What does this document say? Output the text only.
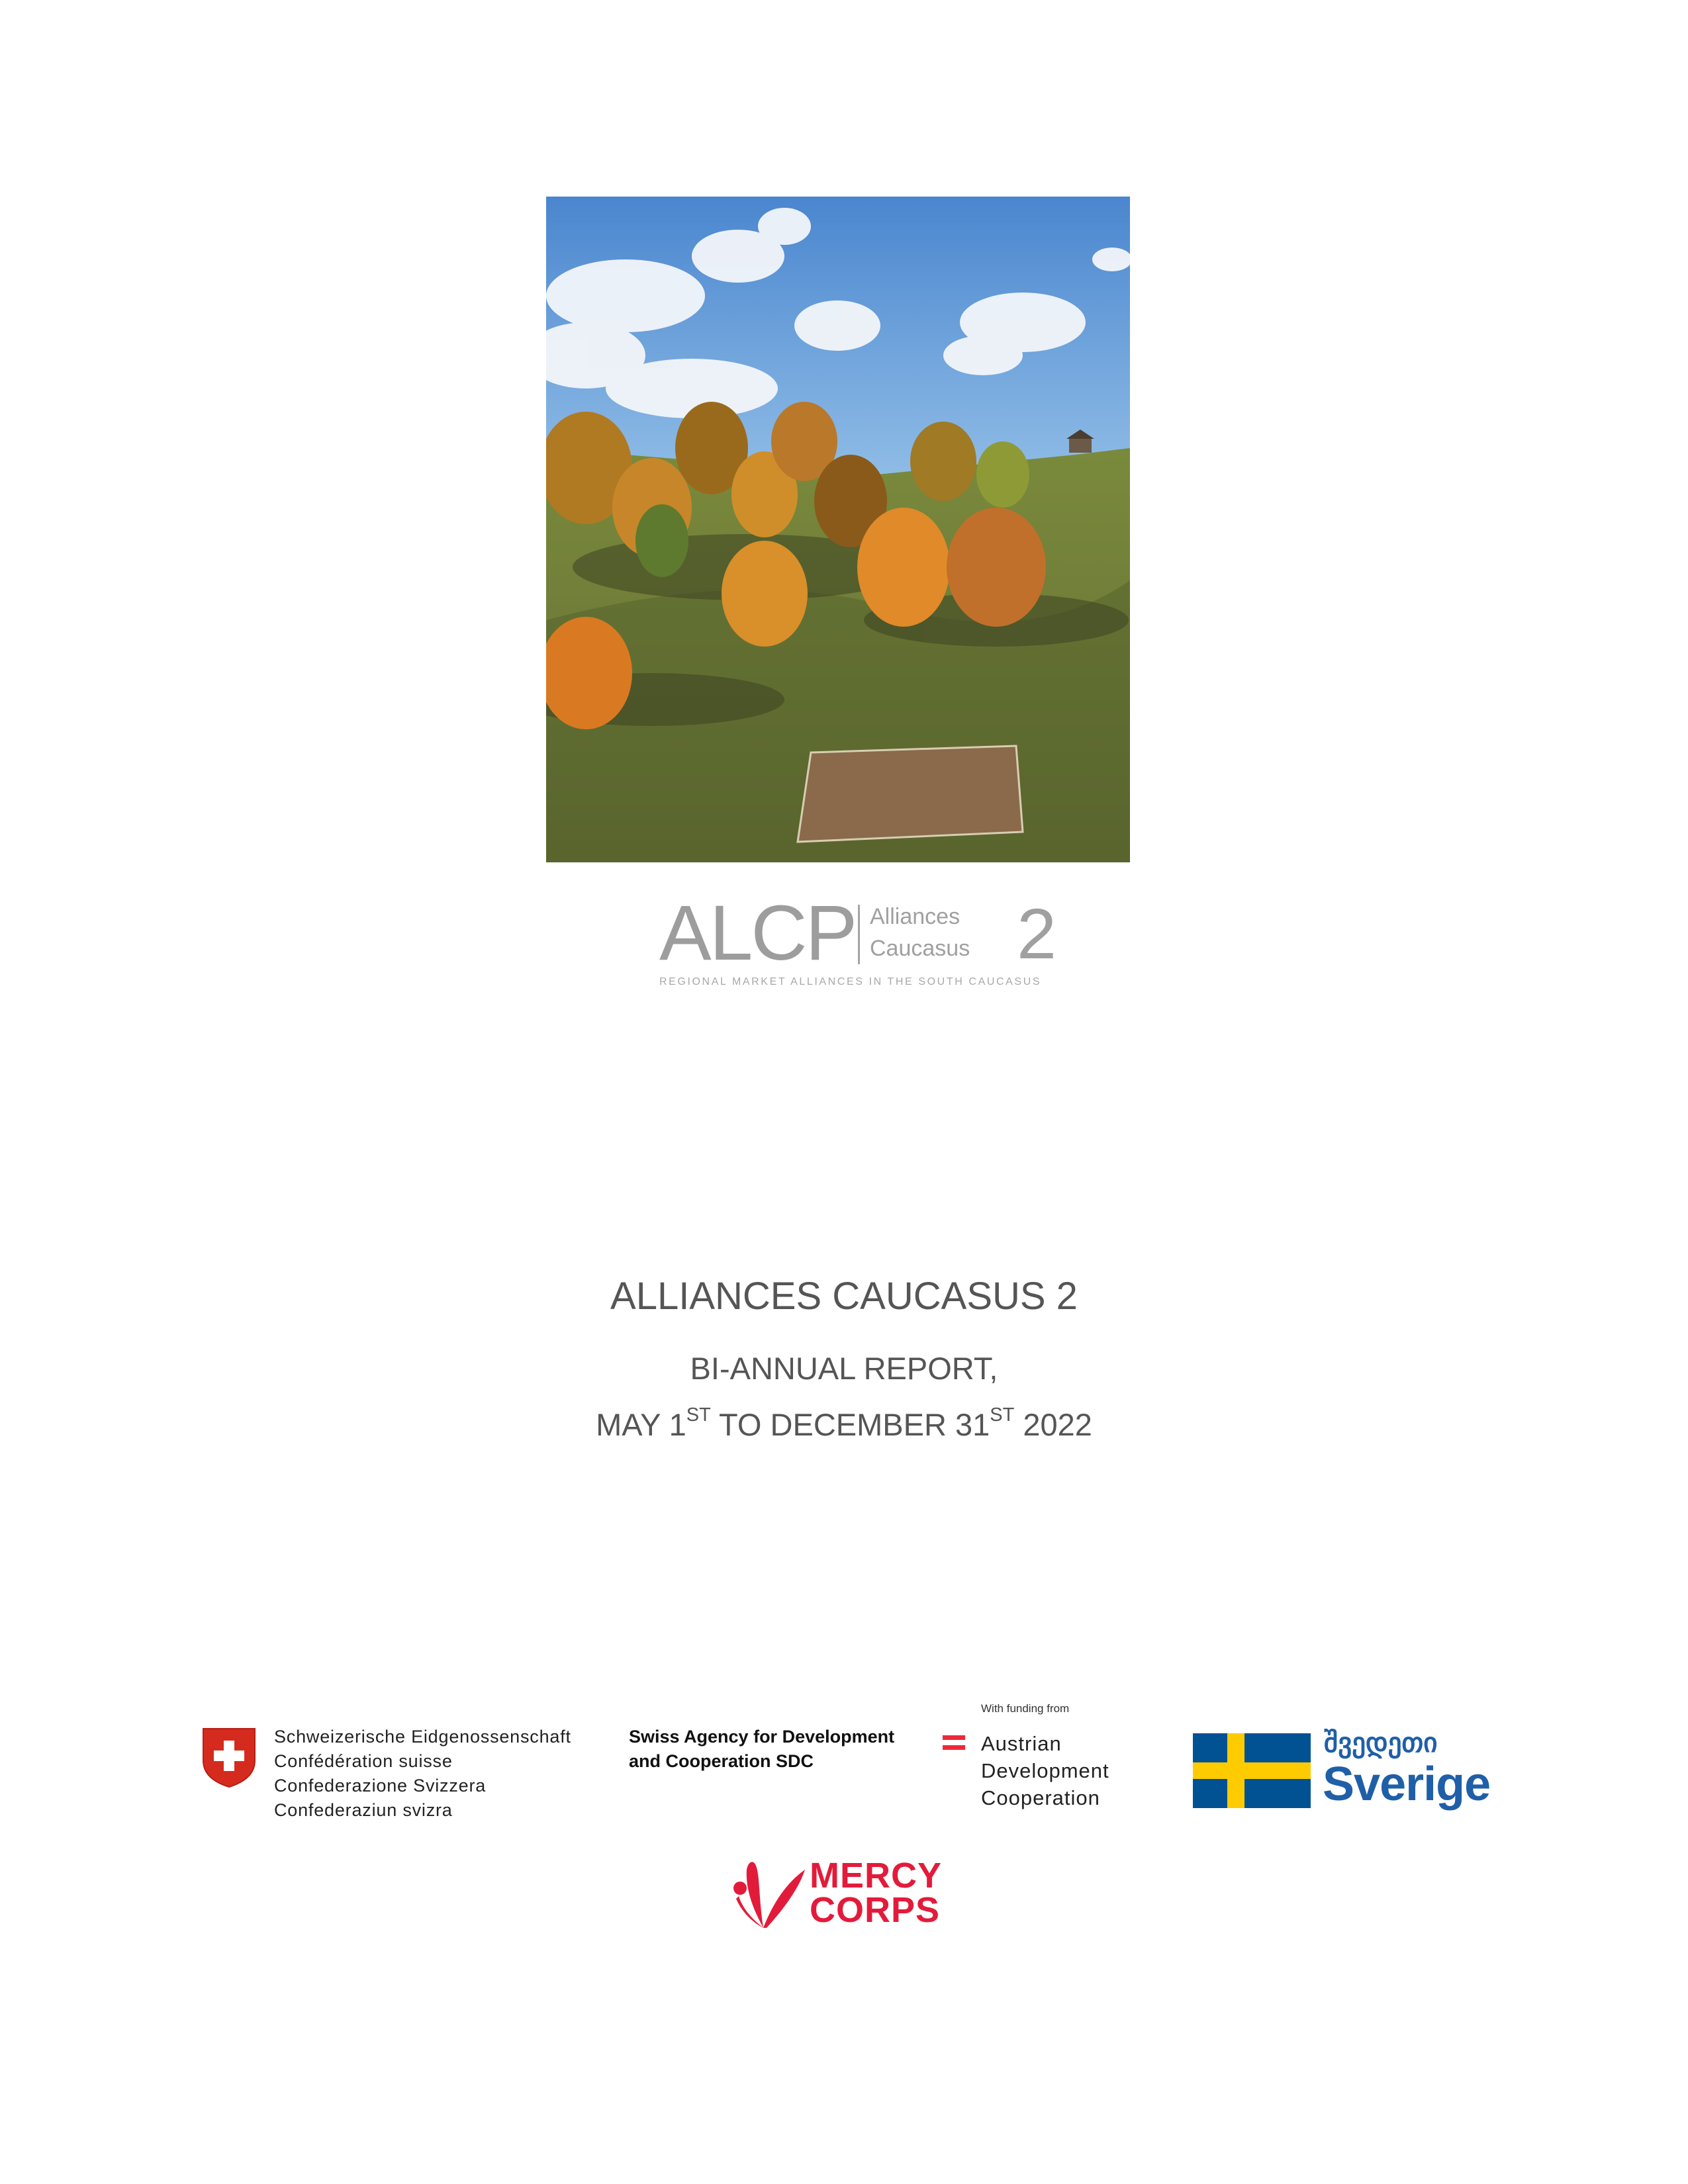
ALCP Alliances
Caucasus 2
REGIONAL MARKET ALLIANCES IN THE SOUTH CAUCASUS
ALLIANCES CAUCASUS 2
BI-ANNUAL REPORT,
MAY 1ST TO DECEMBER 31ST 2022
Schweizerische Eidgenossenschaft
Confédération suisse
Confederazione Svizzera
Confederaziun svizra
Swiss Agency for Development
and Cooperation SDC
With funding from
Austrian
Development
Cooperation
შვედეთი
Sverige
MERCY
CORPS
